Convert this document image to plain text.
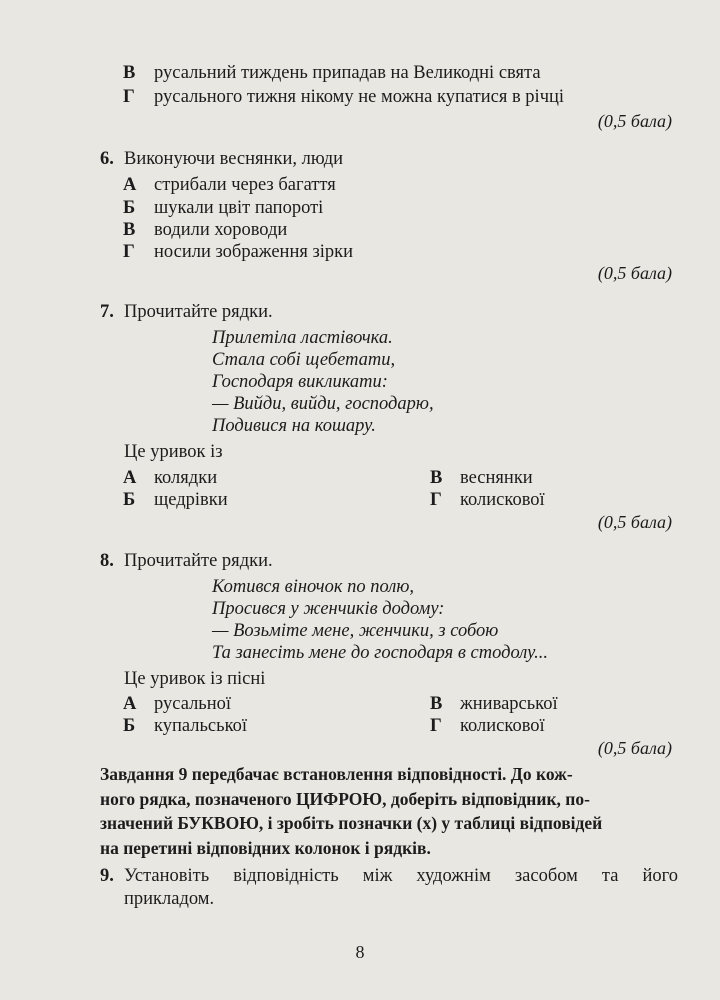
В русальний тиждень припадав на Великодні свята
Г русального тижня нікому не можна купатися в річці
(0,5 бала)
6. Виконуючи веснянки, люди
А стрибали через багаття
Б шукали цвіт папороті
В водили хороводи
Г носили зображення зірки
(0,5 бала)
7. Прочитайте рядки.
Прилетіла ластівочка.
Стала собі щебетати,
Господаря викликати:
— Вийди, вийди, господарю,
Подивися на кошару.
Це уривок із
А колядки
Б щедрівки
В веснянки
Г колискової
(0,5 бала)
8. Прочитайте рядки.
Котився віночок по полю,
Просився у женчиків додому:
— Возьміте мене, женчики, з собою
Та занесіть мене до господаря в стодолу...
Це уривок із пісні
А русальної
Б купальської
В жниварської
Г колискової
(0,5 бала)
Завдання 9 передбачає встановлення відповідності. До кож-
ного рядка, позначеного ЦИФРОЮ, доберіть відповідник, по-
значений БУКВОЮ, і зробіть позначки (х) у таблиці відповідей
на перетині відповідних колонок і рядків.
9. Установіть відповідність між художнім засобом та його
прикладом.
8
